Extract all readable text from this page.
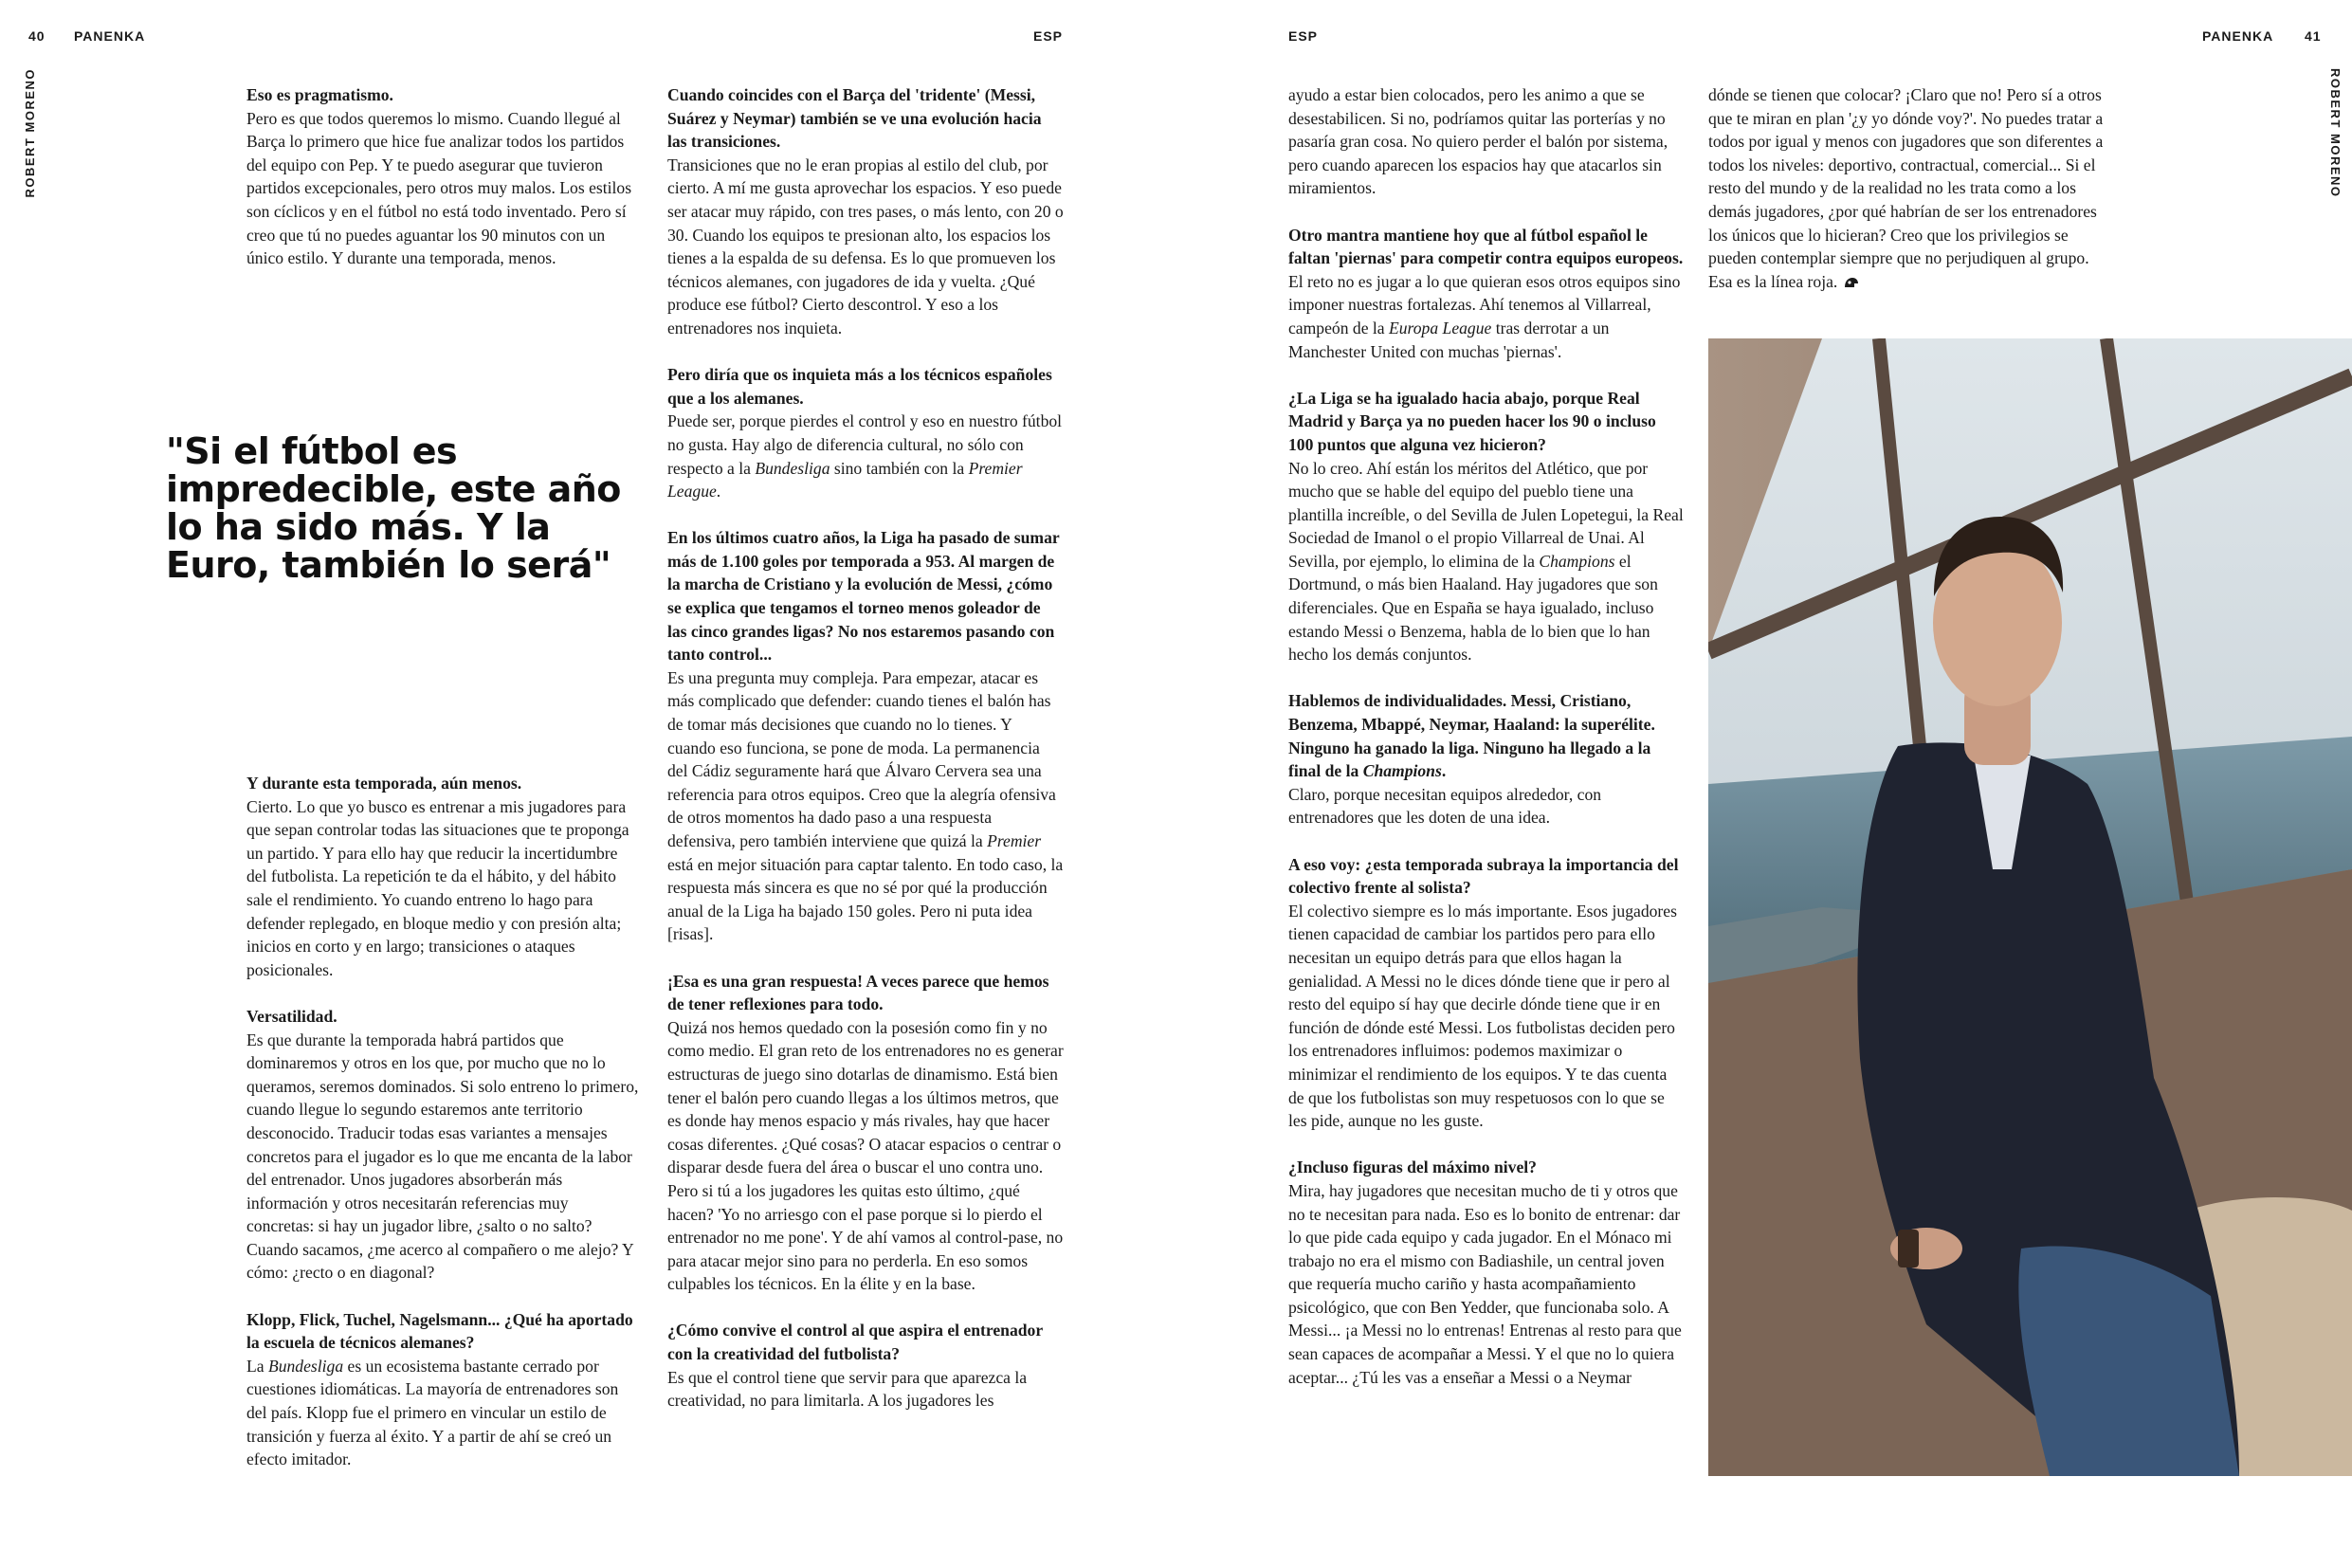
40 PANENKA	ESP
ROBERT MORENO	Eso es pragmatismo.
Pero es que todos queremos lo mismo. Cuando llegué al Barça lo primero que hice fue analizar todos los partidos del equipo con Pep. Y te puedo asegurar que tuvieron partidos excepcionales, pero otros muy malos. Los estilos son cíclicos y en el fútbol no está todo inventado. Pero sí creo que tú no puedes aguantar los 90 minutos con un único estilo. Y durante una temporada, menos.
"Si el fútbol es impredecible, este año lo ha sido más. Y la Euro, también lo será"
Y durante esta temporada, aún menos.
Cierto. Lo que yo busco es entrenar a mis jugadores para que sepan controlar todas las situaciones que te proponga un partido. Y para ello hay que reducir la incertidumbre del futbolista. La repetición te da el hábito, y del hábito sale el rendimiento. Yo cuando entreno lo hago para defender replegado, en bloque medio y con presión alta; inicios en corto y en largo; transiciones o ataques posicionales.
Versatilidad.
Es que durante la temporada habrá partidos que dominaremos y otros en los que, por mucho que no lo queramos, seremos dominados. Si solo entreno lo primero, cuando llegue lo segundo estaremos ante territorio desconocido. Traducir todas esas variantes a mensajes concretos para el jugador es lo que me encanta de la labor del entrenador. Unos jugadores absorberán más información y otros necesitarán referencias muy concretas: si hay un jugador libre, ¿salto o no salto? Cuando sacamos, ¿me acerco al compañero o me alejo? Y cómo: ¿recto o en diagonal?
Klopp, Flick, Tuchel, Nagelsmann... ¿Qué ha aportado la escuela de técnicos alemanes?
La Bundesliga es un ecosistema bastante cerrado por cuestiones idiomáticas. La mayoría de entrenadores son del país. Klopp fue el primero en vincular un estilo de transición y fuerza al éxito. Y a partir de ahí se creó un efecto imitador.
Cuando coincides con el Barça del 'tridente' (Messi, Suárez y Neymar) también se ve una evolución hacia las transiciones.
Transiciones que no le eran propias al estilo del club, por cierto. A mí me gusta aprovechar los espacios. Y eso puede ser atacar muy rápido, con tres pases, o más lento, con 20 o 30. Cuando los equipos te presionan alto, los espacios los tienes a la espalda de su defensa. Es lo que promueven los técnicos alemanes, con jugadores de ida y vuelta. ¿Qué produce ese fútbol? Cierto descontrol. Y eso a los entrenadores nos inquieta.
Pero diría que os inquieta más a los técnicos españoles que a los alemanes.
Puede ser, porque pierdes el control y eso en nuestro fútbol no gusta. Hay algo de diferencia cultural, no sólo con respecto a la Bundesliga sino también con la Premier League.
En los últimos cuatro años, la Liga ha pasado de sumar más de 1.100 goles por temporada a 953. Al margen de la marcha de Cristiano y la evolución de Messi, ¿cómo se explica que tengamos el torneo menos goleador de las cinco grandes ligas? No nos estaremos pasando con tanto control...
Es una pregunta muy compleja. Para empezar, atacar es más complicado que defender: cuando tienes el balón has de tomar más decisiones que cuando no lo tienes. Y cuando eso funciona, se pone de moda. La permanencia del Cádiz seguramente hará que Álvaro Cervera sea una referencia para otros equipos. Creo que la alegría ofensiva de otros momentos ha dado paso a una respuesta defensiva, pero también interviene que quizá la Premier está en mejor situación para captar talento. En todo caso, la respuesta más sincera es que no sé por qué la producción anual de la Liga ha bajado 150 goles. Pero ni puta idea [risas].
¡Esa es una gran respuesta! A veces parece que hemos de tener reflexiones para todo.
Quizá nos hemos quedado con la posesión como fin y no como medio. El gran reto de los entrenadores no es generar estructuras de juego sino dotarlas de dinamismo. Está bien tener el balón pero cuando llegas a los últimos metros, que es donde hay menos espacio y más rivales, hay que hacer cosas diferentes. ¿Qué cosas? O atacar espacios o centrar o disparar desde fuera del área o buscar el uno contra uno. Pero si tú a los jugadores les quitas esto último, ¿qué hacen? 'Yo no arriesgo con el pase porque si lo pierdo el entrenador no me pone'. Y de ahí vamos al control-pase, no para atacar mejor sino para no perderla. En eso somos culpables los técnicos. En la élite y en la base.
¿Cómo convive el control al que aspira el entrenador con la creatividad del futbolista?
Es que el control tiene que servir para que aparezca la creatividad, no para limitarla. A los jugadores les
ESP	PANENKA 41
ROBERT MORENO
ayudo a estar bien colocados, pero les animo a que se desestabilicen. Si no, podríamos quitar las porterías y no pasaría gran cosa. No quiero perder el balón por sistema, pero cuando aparecen los espacios hay que atacarlos sin miramientos.
Otro mantra mantiene hoy que al fútbol español le faltan 'piernas' para competir contra equipos europeos.
El reto no es jugar a lo que quieran esos otros equipos sino imponer nuestras fortalezas. Ahí tenemos al Villarreal, campeón de la Europa League tras derrotar a un Manchester United con muchas 'piernas'.
¿La Liga se ha igualado hacia abajo, porque Real Madrid y Barça ya no pueden hacer los 90 o incluso 100 puntos que alguna vez hicieron?
No lo creo. Ahí están los méritos del Atlético, que por mucho que se hable del equipo del pueblo tiene una plantilla increíble, o del Sevilla de Julen Lopetegui, la Real Sociedad de Imanol o el propio Villarreal de Unai. Al Sevilla, por ejemplo, lo elimina de la Champions el Dortmund, o más bien Haaland. Hay jugadores que son diferenciales. Que en España se haya igualado, incluso estando Messi o Benzema, habla de lo bien que lo han hecho los demás conjuntos.
Hablemos de individualidades. Messi, Cristiano, Benzema, Mbappé, Neymar, Haaland: la superélite. Ninguno ha ganado la liga. Ninguno ha llegado a la final de la Champions.
Claro, porque necesitan equipos alrededor, con entrenadores que les doten de una idea.
A eso voy: ¿esta temporada subraya la importancia del colectivo frente al solista?
El colectivo siempre es lo más importante. Esos jugadores tienen capacidad de cambiar los partidos pero para ello necesitan un equipo detrás para que ellos hagan la genialidad. A Messi no le dices dónde tiene que ir pero al resto del equipo sí hay que decirle dónde tiene que ir en función de dónde esté Messi. Los futbolistas deciden pero los entrenadores influimos: podemos maximizar o minimizar el rendimiento de los equipos. Y te das cuenta de que los futbolistas son muy respetuosos con lo que se les pide, aunque no les guste.
¿Incluso figuras del máximo nivel?
Mira, hay jugadores que necesitan mucho de ti y otros que no te necesitan para nada. Eso es lo bonito de entrenar: dar lo que pide cada equipo y cada jugador. En el Mónaco mi trabajo no era el mismo con Badiashile, un central joven que requería mucho cariño y hasta acompañamiento psicológico, que con Ben Yedder, que funcionaba solo. A Messi... ¡a Messi no lo entrenas! Entrenas al resto para que sean capaces de acompañar a Messi. Y el que no lo quiera aceptar... ¿Tú les vas a enseñar a Messi o a Neymar
dónde se tienen que colocar? ¡Claro que no! Pero sí a otros que te miran en plan '¿y yo dónde voy?'. No puedes tratar a todos por igual y menos con jugadores que son diferentes a todos los niveles: deportivo, contractual, comercial... Si el resto del mundo y de la realidad no les trata como a los demás jugadores, ¿por qué habrían de ser los entrenadores los únicos que lo hicieran? Creo que los privilegios se pueden contemplar siempre que no perjudiquen al grupo. Esa es la línea roja.
